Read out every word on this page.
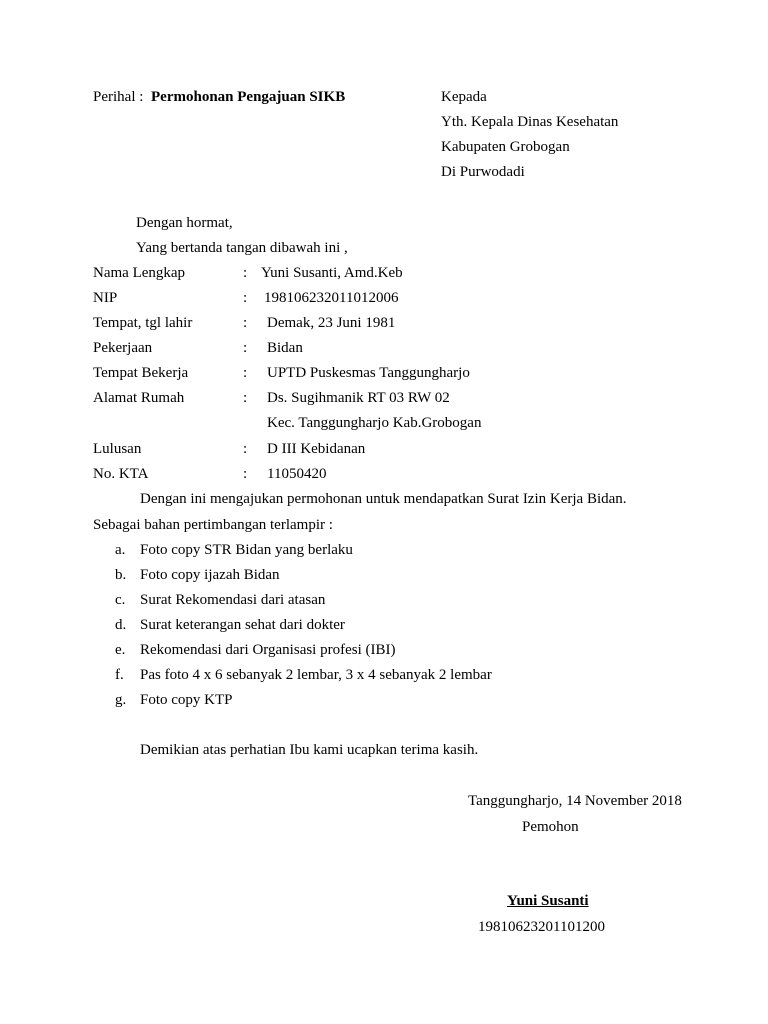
Perihal : Permohonan Pengajuan SIKB	Kepada
Yth. Kepala Dinas Kesehatan
Kabupaten Grobogan
Di Purwodadi
Dengan hormat,
Yang bertanda tangan dibawah ini ,
Nama Lengkap	: Yuni Susanti, Amd.Keb
NIP	: 198106232011012006
Tempat, tgl lahir	: Demak, 23 Juni 1981
Pekerjaan	: Bidan
Tempat Bekerja	: UPTD Puskesmas Tanggungharjo
Alamat Rumah	: Ds. Sugihmanik RT 03 RW 02
Kec. Tanggungharjo Kab.Grobogan
Lulusan	: D III Kebidanan
No. KTA	: 11050420
Dengan ini mengajukan permohonan untuk mendapatkan Surat Izin Kerja Bidan.
Sebagai bahan pertimbangan terlampir :
a. Foto copy STR Bidan yang berlaku
b. Foto copy ijazah Bidan
c. Surat Rekomendasi dari atasan
d. Surat keterangan sehat dari dokter
e. Rekomendasi dari Organisasi profesi (IBI)
f. Pas foto 4 x 6 sebanyak 2 lembar, 3 x 4 sebanyak 2 lembar
g. Foto copy KTP
Demikian atas perhatian Ibu kami ucapkan terima kasih.
Tanggungharjo, 14 November 2018
Pemohon
Yuni Susanti
19810623201101200
